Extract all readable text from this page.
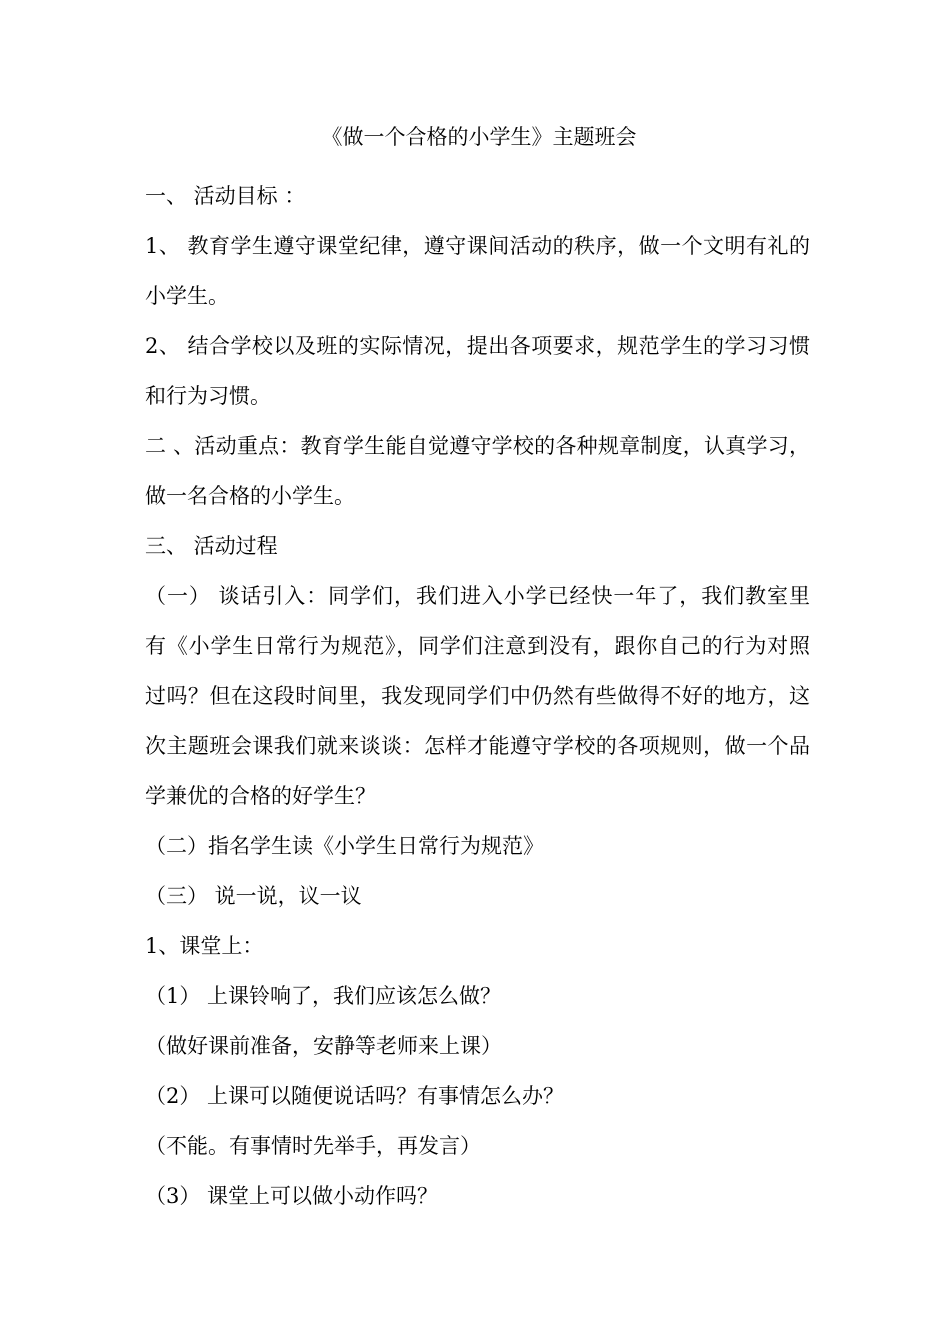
《做一个合格的小学生》主题班会
一、 活动目标 ：
1、 教育学生遵守课堂纪律，遵守课间活动的秩序，做一个文明有礼的
小学生。
2、 结合学校以及班的实际情况，提出各项要求，规范学生的学习习惯
和行为习惯。
二 、活动重点：教育学生能自觉遵守学校的各种规章制度，认真学习，
做一名合格的小学生。
三、 活动过程
（一） 谈话引入：同学们，我们进入小学已经快一年了，我们教室里
有《小学生日常行为规范》，同学们注意到没有，跟你自己的行为对照
过吗？但在这段时间里，我发现同学们中仍然有些做得不好的地方，这
次主题班会课我们就来谈谈：怎样才能遵守学校的各项规则，做一个品
学兼优的合格的好学生？
（二）指名学生读《小学生日常行为规范》
（三） 说一说，议一议
1、课堂上：
（1） 上课铃响了，我们应该怎么做？
（做好课前准备，安静等老师来上课）
（2） 上课可以随便说话吗？有事情怎么办？
（不能。有事情时先举手，再发言）
（3） 课堂上可以做小动作吗？
